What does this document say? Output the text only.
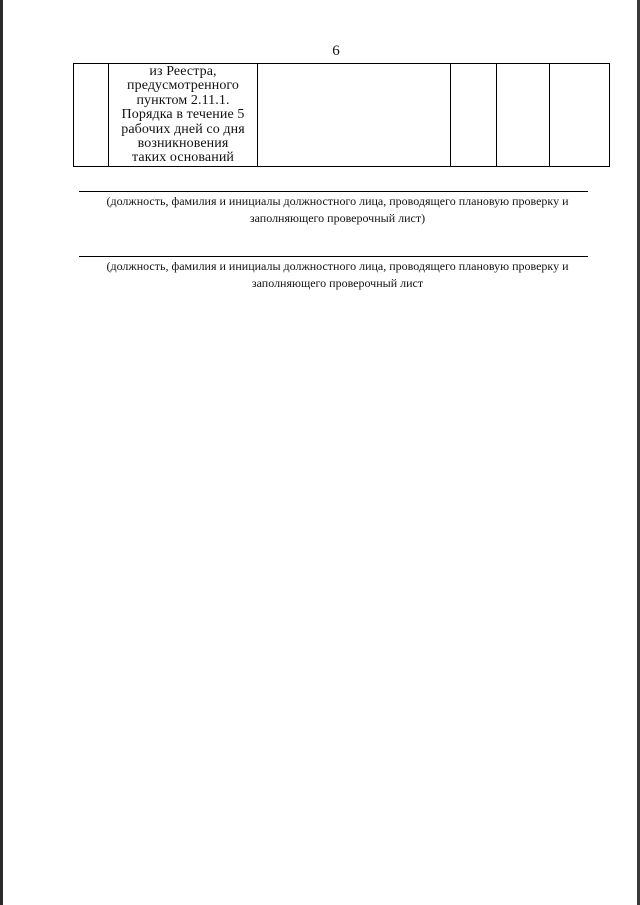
6

из Реестра,
предусмотренного
пунктом 2.11.1.
Порядка в течение 5
рабочих дней со дня
возникновения
таких оснований

(должность, фамилия и инициалы должностного лица, проводящего плановую проверку и заполняющего проверочный лист)
(должность, фамилия и инициалы должностного лица, проводящего плановую проверку и заполняющего проверочный лист
